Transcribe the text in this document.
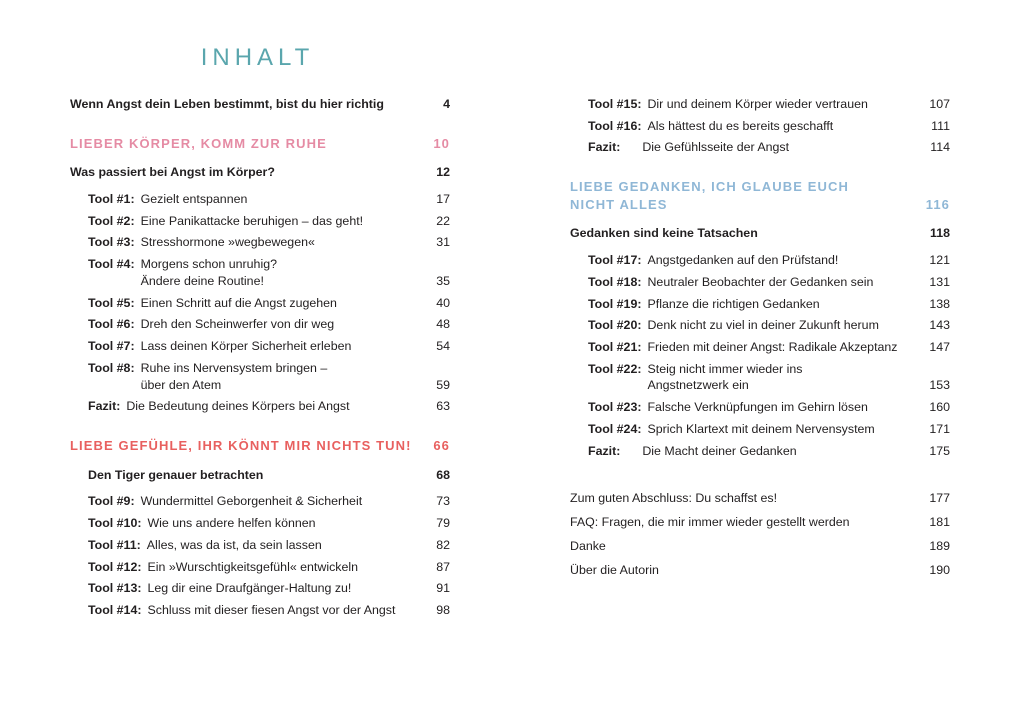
INHALT
Wenn Angst dein Leben bestimmt, bist du hier richtig	4
LIEBER KÖRPER, KOMM ZUR RUHE	10
Was passiert bei Angst im Körper?	12
Tool #1: Gezielt entspannen	17
Tool #2: Eine Panikattacke beruhigen – das geht!	22
Tool #3: Stresshormone »wegbewegen«	31
Tool #4: Morgens schon unruhig?
Ändere deine Routine!	35
Tool #5: Einen Schritt auf die Angst zugehen	40
Tool #6: Dreh den Scheinwerfer von dir weg	48
Tool #7: Lass deinen Körper Sicherheit erleben	54
Tool #8: Ruhe ins Nervensystem bringen –
über den Atem	59
Fazit: Die Bedeutung deines Körpers bei Angst	63
LIEBE GEFÜHLE, IHR KÖNNT MIR NICHTS TUN!	66
Den Tiger genauer betrachten	68
Tool #9: Wundermittel Geborgenheit & Sicherheit	73
Tool #10: Wie uns andere helfen können	79
Tool #11: Alles, was da ist, da sein lassen	82
Tool #12: Ein »Wurschtigkeitsgefühl« entwickeln	87
Tool #13: Leg dir eine Draufgänger-Haltung zu!	91
Tool #14: Schluss mit dieser fiesen Angst vor der Angst	98
Tool #15: Dir und deinem Körper wieder vertrauen	107
Tool #16: Als hättest du es bereits geschafft	111
Fazit:	Die Gefühlsseite der Angst	114
LIEBE GEDANKEN, ICH GLAUBE EUCH
NICHT ALLES	116
Gedanken sind keine Tatsachen	118
Tool #17: Angstgedanken auf den Prüfstand!	121
Tool #18: Neutraler Beobachter der Gedanken sein	131
Tool #19: Pflanze die richtigen Gedanken	138
Tool #20: Denk nicht zu viel in deiner Zukunft herum	143
Tool #21: Frieden mit deiner Angst: Radikale Akzeptanz	147
Tool #22: Steig nicht immer wieder ins
Angstnetzwerk ein	153
Tool #23: Falsche Verknüpfungen im Gehirn lösen	160
Tool #24: Sprich Klartext mit deinem Nervensystem	171
Fazit:	Die Macht deiner Gedanken	175
Zum guten Abschluss: Du schaffst es!	177
FAQ: Fragen, die mir immer wieder gestellt werden	181
Danke	189
Über die Autorin	190
